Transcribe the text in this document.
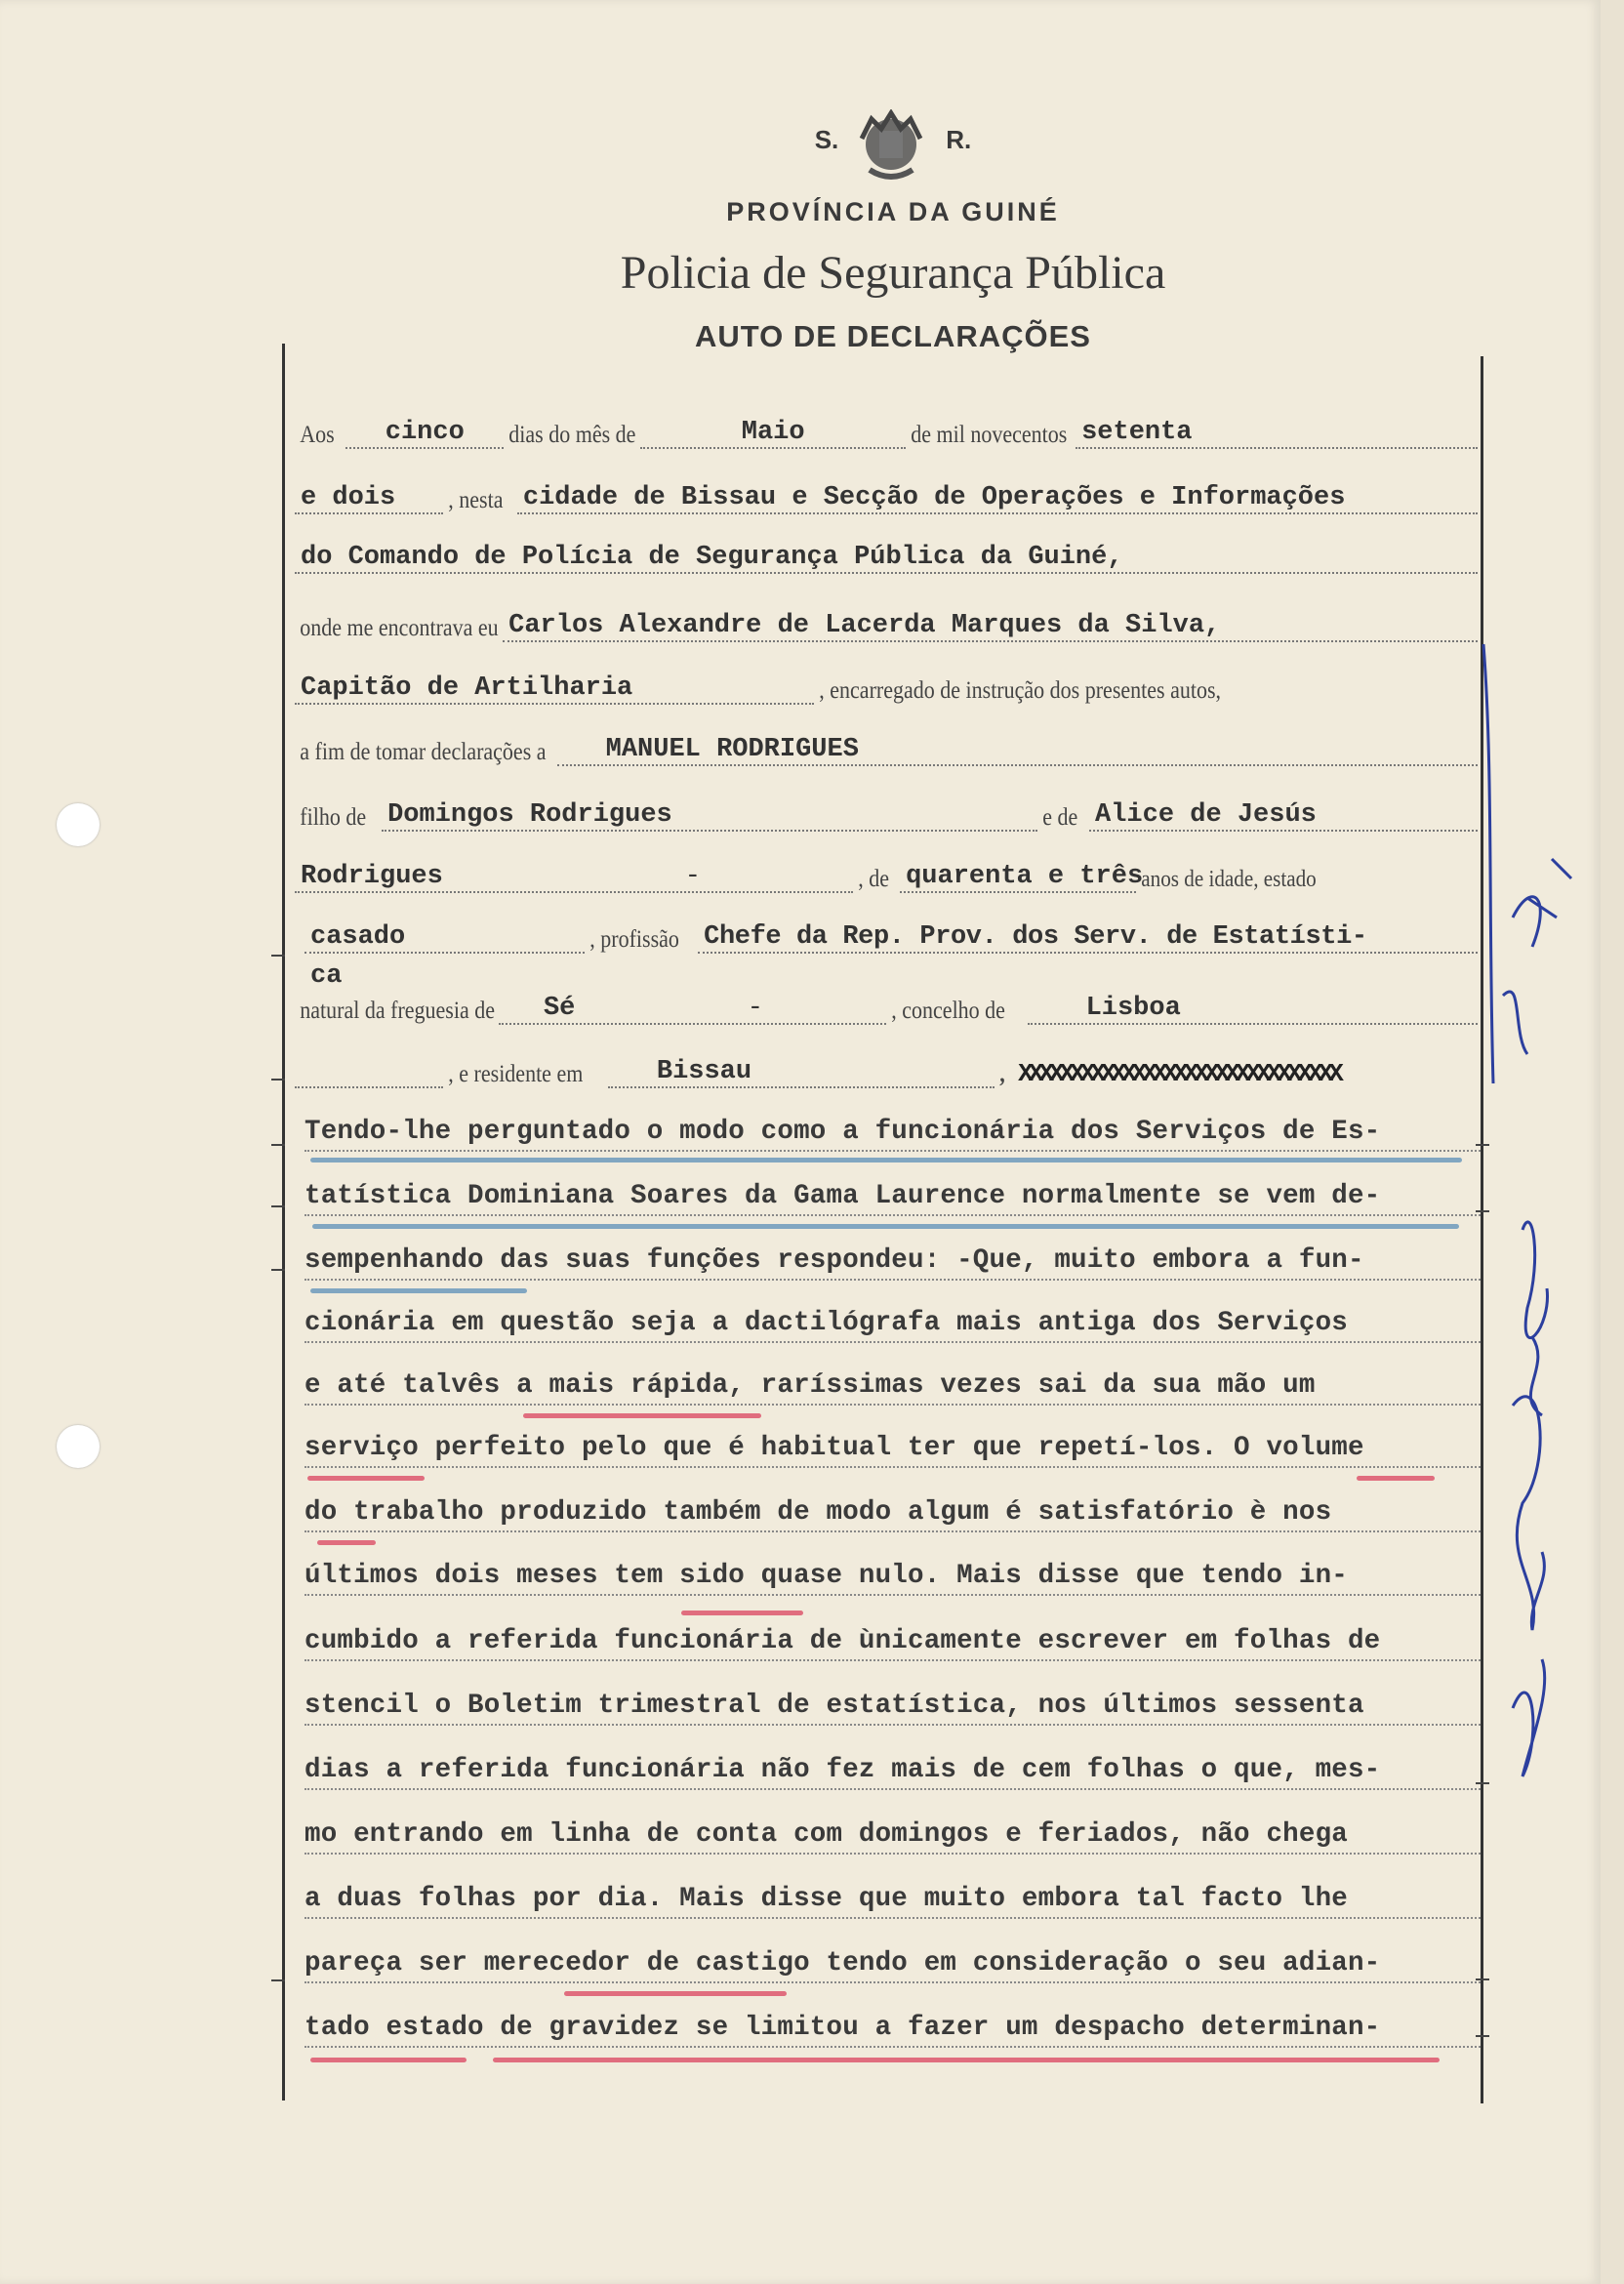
S.	R.
PROVÍNCIA DA GUINÉ
Policia de Segurança Pública
AUTO DE DECLARAÇÕES
Aos	cinco	dias do mês de	Maio	de mil novecentos setenta
e dois	, nesta cidade de Bissau e Secção de Operações e Informações
do Comando de Polícia de Segurança Pública da Guiné,
onde me encontrava eu Carlos Alexandre de Lacerda Marques da Silva,
Capitão de Artilharia	, encarregado de instrução dos presentes autos,
a fim de tomar declarações a	MANUEL RODRIGUES
filho de Domingos Rodrigues	e de Alice de Jesús
Rodrigues	-	, de quarenta e três
anos de idade, estado
casado	, profissão Chefe da Rep. Prov. dos Serv. de Estatísti-
ca
natural da freguesia de Sé	-	, concelho de	Lisboa
, e residente em	Bissau	, XXXXXXXXXXXXXXXXXXXXXXXXXXXXXXX
Tendo-lhe perguntado o modo como a funcionária dos Serviços de Es-
tatística Dominiana Soares da Gama Laurence normalmente se vem de-
sempenhando das suas funções respondeu: -Que, muito embora a fun-
cionária em questão seja a dactilógrafa mais antiga dos Serviços
e até talvês a mais rápida, raríssimas vezes sai da sua mão um
serviço perfeito pelo que é habitual ter que repetí-los. O volume
do trabalho produzido também de modo algum é satisfatório è nos
últimos dois meses tem sido quase nulo. Mais disse que tendo in-
cumbido a referida funcionária de ùnicamente escrever em folhas de
stencil o Boletim trimestral de estatística, nos últimos sessenta
dias a referida funcionária não fez mais de cem folhas o que, mes-
mo entrando em linha de conta com domingos e feriados, não chega
a duas folhas por dia. Mais disse que muito embora tal facto lhe
pareça ser merecedor de castigo tendo em consideração o seu adian-
tado estado de gravidez se limitou a fazer um despacho determinan-
